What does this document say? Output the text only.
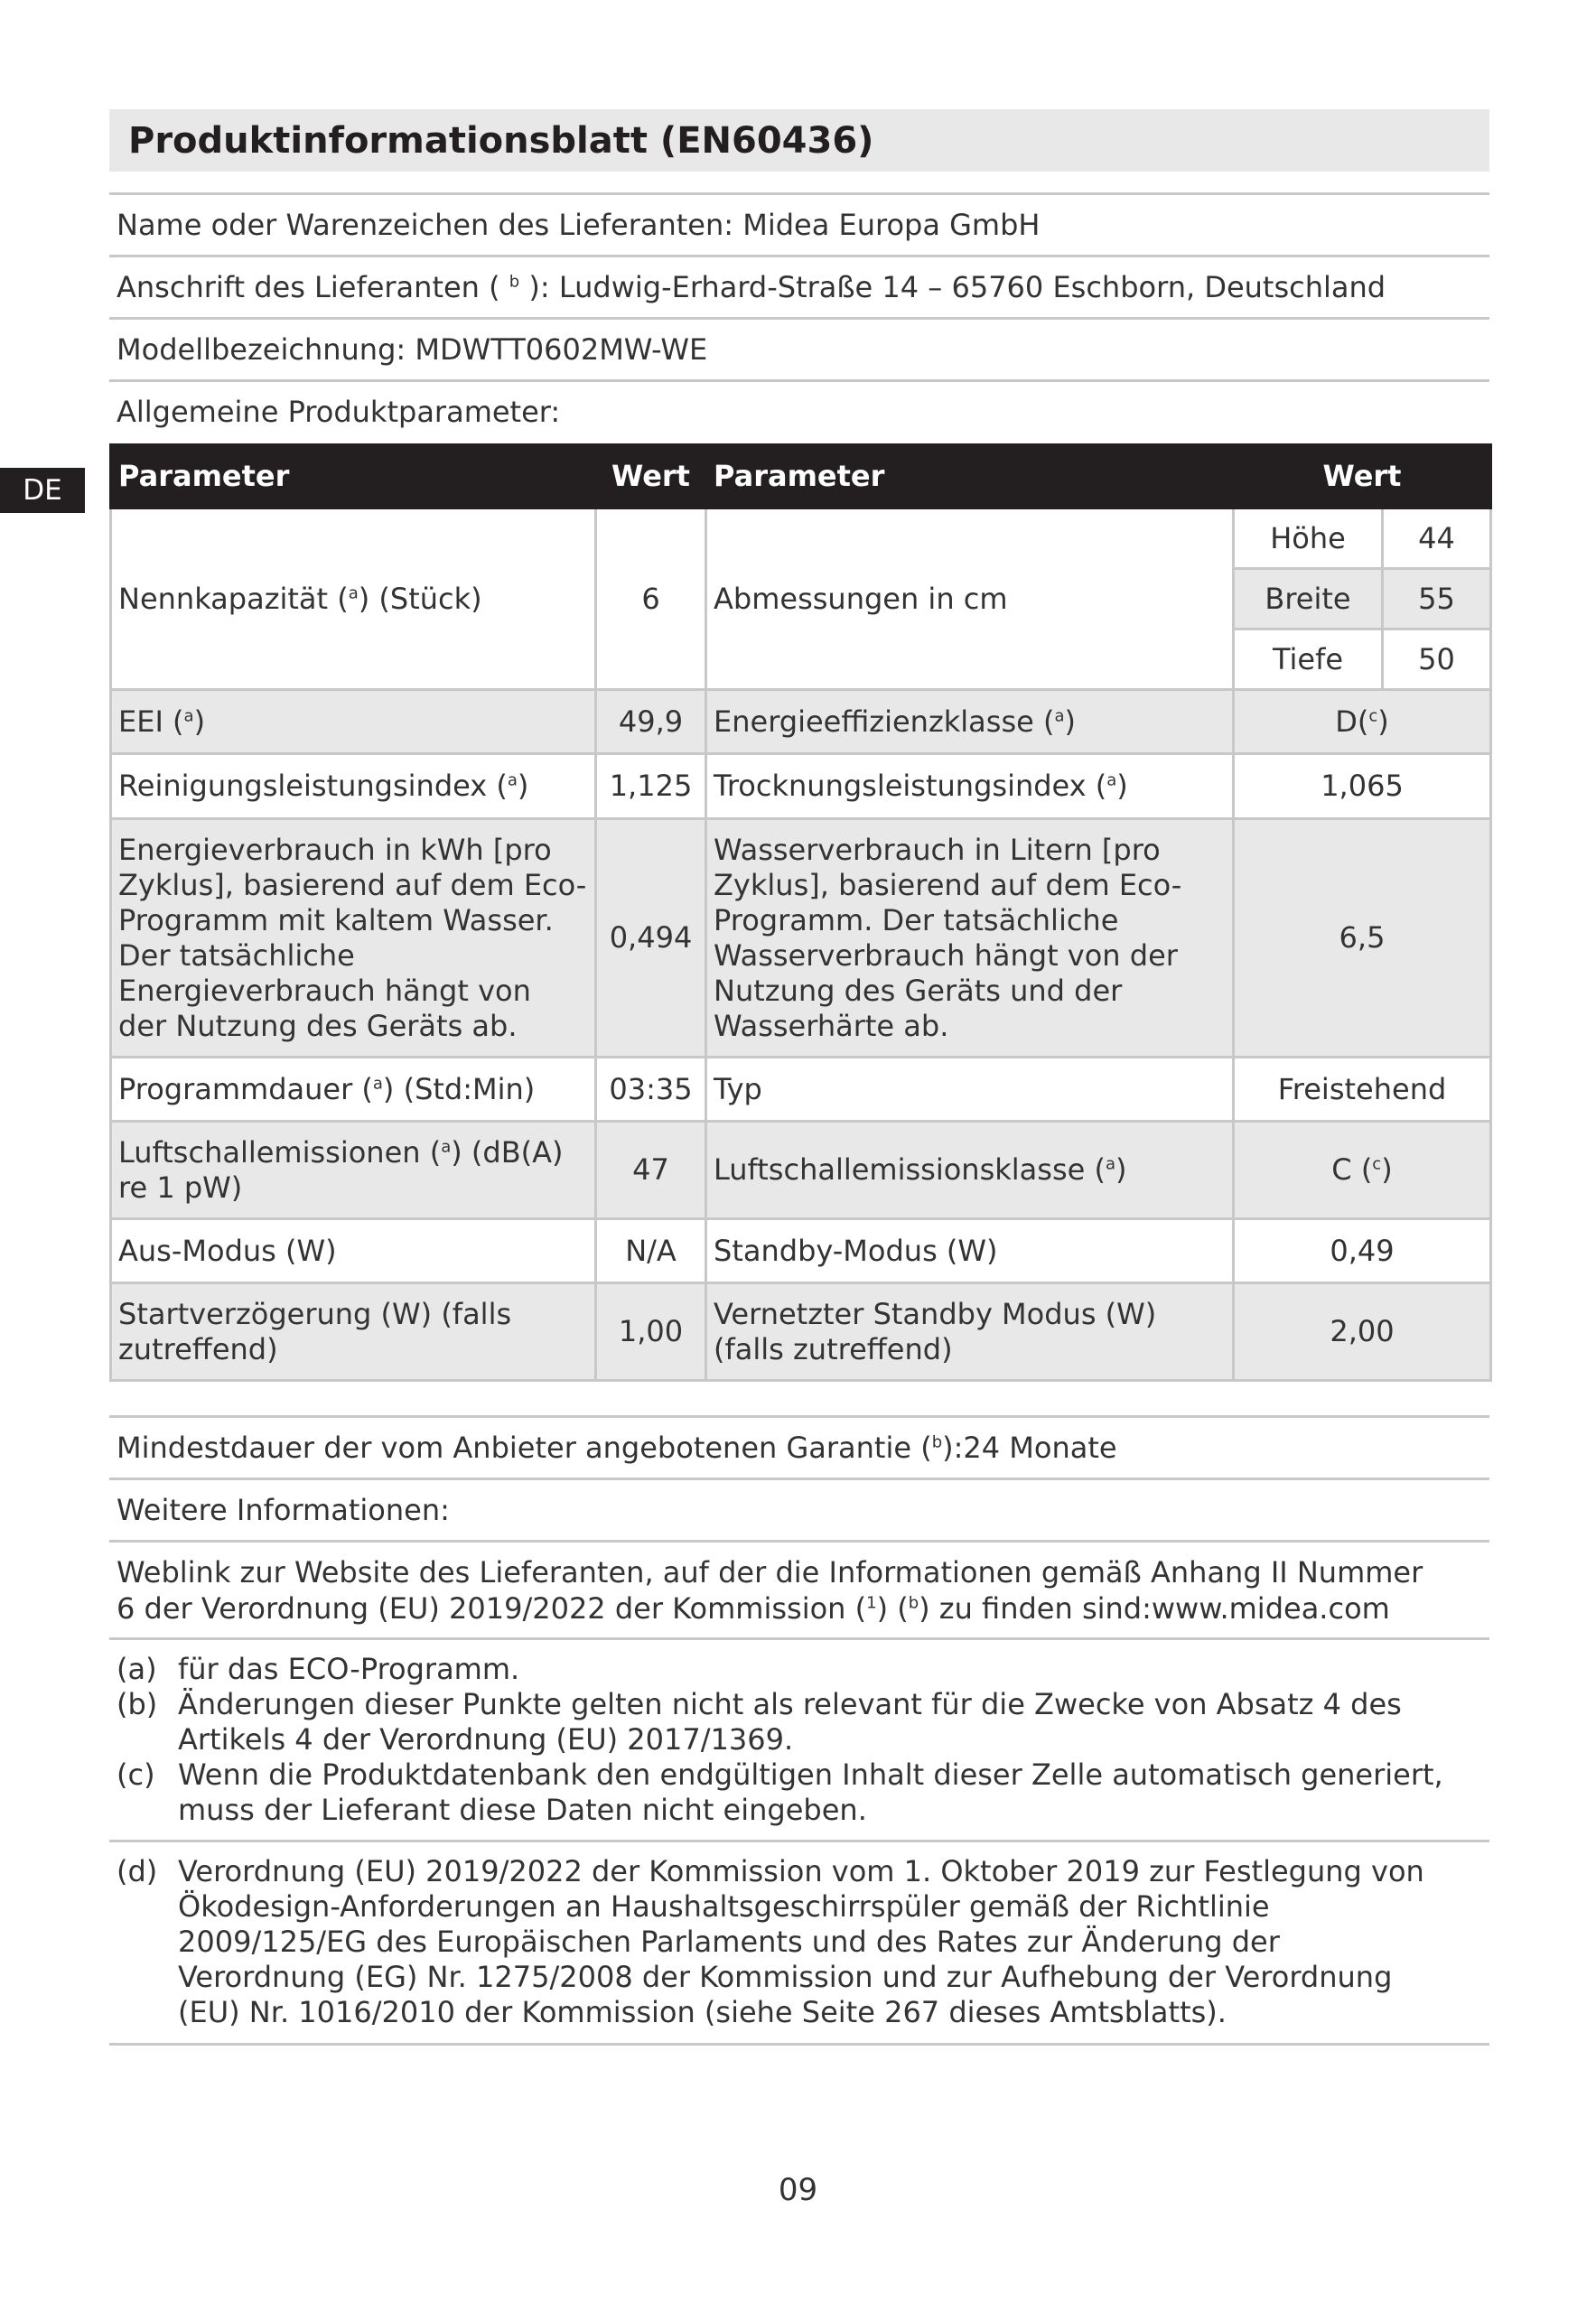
DE
Produktinformationsblatt (EN60436)
Name oder Warenzeichen des Lieferanten: Midea Europa GmbH
Anschrift des Lieferanten ( $^b$ ): Ludwig-Erhard-Straße 14 – 65760 Eschborn, Deutschland
Modellbezeichnung: MDWTT0602MW-WE
Allgemeine Produktparameter:
Parameter	Wert	Parameter	Wert	
Nennkapazität ($^a$) (Stück)	6	Abmessungen in cm	Höhe	44
			Breite	55
			Tiefe	50
EEI ($^a$)	49,9	Energieeffizienzklasse ($^a$)	D($^c$)	
Reinigungsleistungsindex ($^a$)	1,125	Trocknungsleistungsindex ($^a$)	1,065	
Energieverbrauch in kWh [pro Zyklus], basierend auf dem Eco-Programm mit kaltem Wasser. Der tatsächliche Energieverbrauch hängt von der Nutzung des Geräts ab.	0,494	Wasserverbrauch in Litern [pro Zyklus], basierend auf dem Eco-Programm. Der tatsächliche Wasserverbrauch hängt von der Nutzung des Geräts und der Wasserhärte ab.	6,5	
Programmdauer ($^a$) (Std:Min)	03:35	Typ	Freistehend	
Luftschallemissionen ($^a$) (dB(A) re 1 pW)	47	Luftschallemissionsklasse ($^a$)	C ($^c$)	
Aus-Modus (W)	N/A	Standby-Modus (W)	0,49	
Startverzögerung (W) (falls zutreffend)	1,00	Vernetzter Standby Modus (W) (falls zutreffend)	2,00	
Mindestdauer der vom Anbieter angebotenen Garantie ($^b$):24 Monate
Weitere Informationen:
Weblink zur Website des Lieferanten, auf der die Informationen gemäß Anhang II Nummer 6 der Verordnung (EU) 2019/2022 der Kommission ($^1$) ($^b$) zu finden sind:www.midea.com
(a) für das ECO-Programm.
(b) Änderungen dieser Punkte gelten nicht als relevant für die Zwecke von Absatz 4 des Artikels 4 der Verordnung (EU) 2017/1369.
(c) Wenn die Produktdatenbank den endgültigen Inhalt dieser Zelle automatisch generiert, muss der Lieferant diese Daten nicht eingeben.
(d) Verordnung (EU) 2019/2022 der Kommission vom 1. Oktober 2019 zur Festlegung von Ökodesign-Anforderungen an Haushaltsgeschirrspüler gemäß der Richtlinie 2009/125/EG des Europäischen Parlaments und des Rates zur Änderung der Verordnung (EG) Nr. 1275/2008 der Kommission und zur Aufhebung der Verordnung (EU) Nr. 1016/2010 der Kommission (siehe Seite 267 dieses Amtsblatts).
09
